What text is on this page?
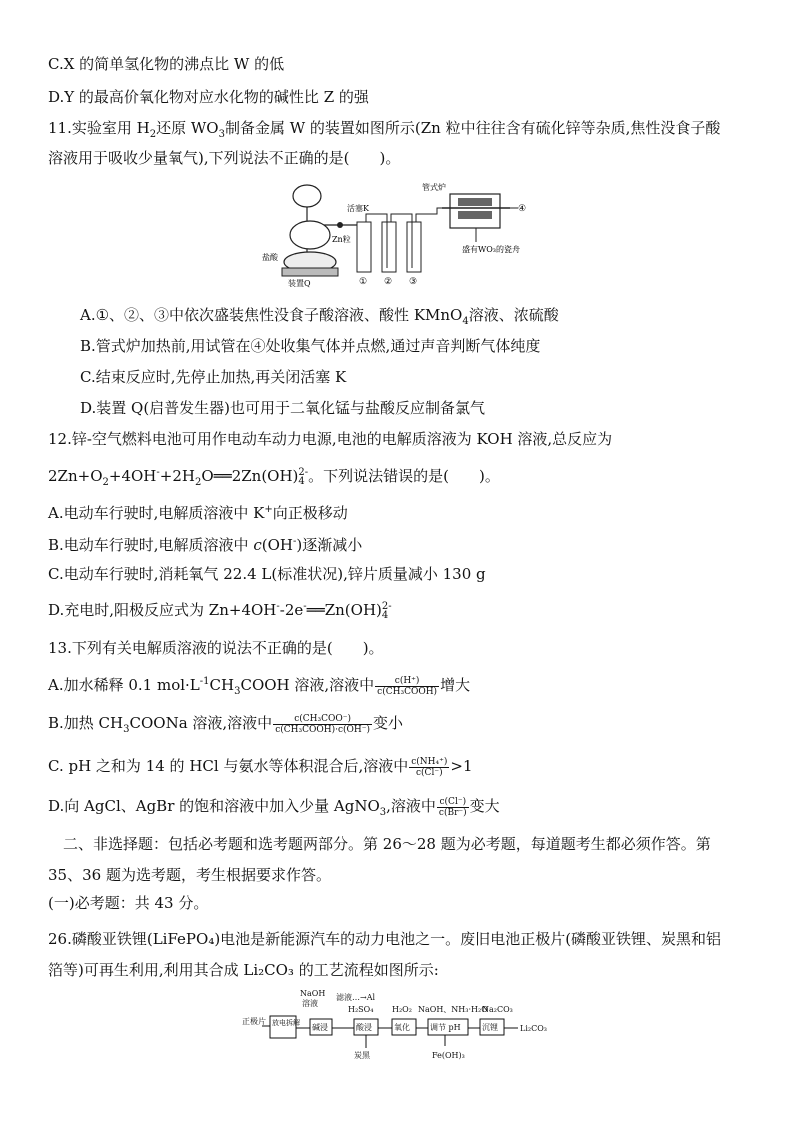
C.X 的简单氢化物的沸点比 W 的低
D.Y 的最高价氧化物对应水化物的碱性比 Z 的强
11.实验室用 $H_2$还原 $WO_3$制备金属 W 的装置如图所示(Zn 粒中往往含有硫化锌等杂质,焦性没食子酸
溶液用于吸收少量氧气),下列说法不正确的是(　　)。
管式炉
活塞K
Zn粒
盐酸
装置Q
盛有WO₃的瓷舟
① ② ③
④
A.①、②、③中依次盛装焦性没食子酸溶液、酸性 KMnO$_4$溶液、浓硫酸
B.管式炉加热前,用试管在④处收集气体并点燃,通过声音判断气体纯度
C.结束反应时,先停止加热,再关闭活塞 K
D.装置 Q(启普发生器)也可用于二氧化锰与盐酸反应制备氯气
12.锌-空气燃料电池可用作电动车动力电源,电池的电解质溶液为 KOH 溶液,总反应为
$2Zn+O_2+4OH^-+2H_2O══2Zn(OH)$ 2-
4 。下列说法错误的是(　　)。
A.电动车行驶时,电解质溶液中 K+向正极移动
B.电动车行驶时,电解质溶液中 c(OH-)逐渐减小
C.电动车行驶时,消耗氧气 22.4 L(标准状况),锌片质量减小 130 g
D.充电时,阳极反应式为 Zn+4OH--2e-══Zn(OH) 2-
4
13.下列有关电解质溶液的说法不正确的是(　　)。
A.加水稀释 0.1 $mol\cdot L^{-1}CH_3COOH$ 溶液,溶液中 $\frac{c(H^+)}{\text{c(CH₃COOH)}}$ 增大
B.加热 $CH_3COONa$ 溶液,溶液中 $\frac{\text{c(CH₃COO⁻)}}{\text{c(CH₃COOH)·c(OH⁻)}}$ 变小
C. pH 之和为 14 的 HCl 与氨水等体积混合后,溶液中 $\frac{\text{c(NH₄⁺)}}{c(Cl^-)} >1$
D.向 AgCl、AgBr 的饱和溶液中加入少量 AgNO$_3$,溶液中 $\frac{c(Cl^-)}{c(Br^-)}$ 变大
　二、非选择题：包括必考题和选考题两部分。第 26～28 题为必考题，每道题考生都必须作答。第
35、36 题为选考题，考生根据要求作答。
(一)必考题：共 43 分。
26.磷酸亚铁锂(LiFePO₄)电池是新能源汽车的动力电池之一。废旧电池正极片(磷酸亚铁锂、炭黑和铝
箔等)可再生利用,利用其合成 Li₂CO₃ 的工艺流程如图所示:
正极片 放电拆解 碱浸
NaOH
溶液
滤液…→Al
酸浸
H₂SO₄
炭黑
氧化
H₂O₂
调节 pH
NaOH、NH₃·H₂O
Fe(OH)₃
沉锂
Na₂CO₃
Li₂CO₃
